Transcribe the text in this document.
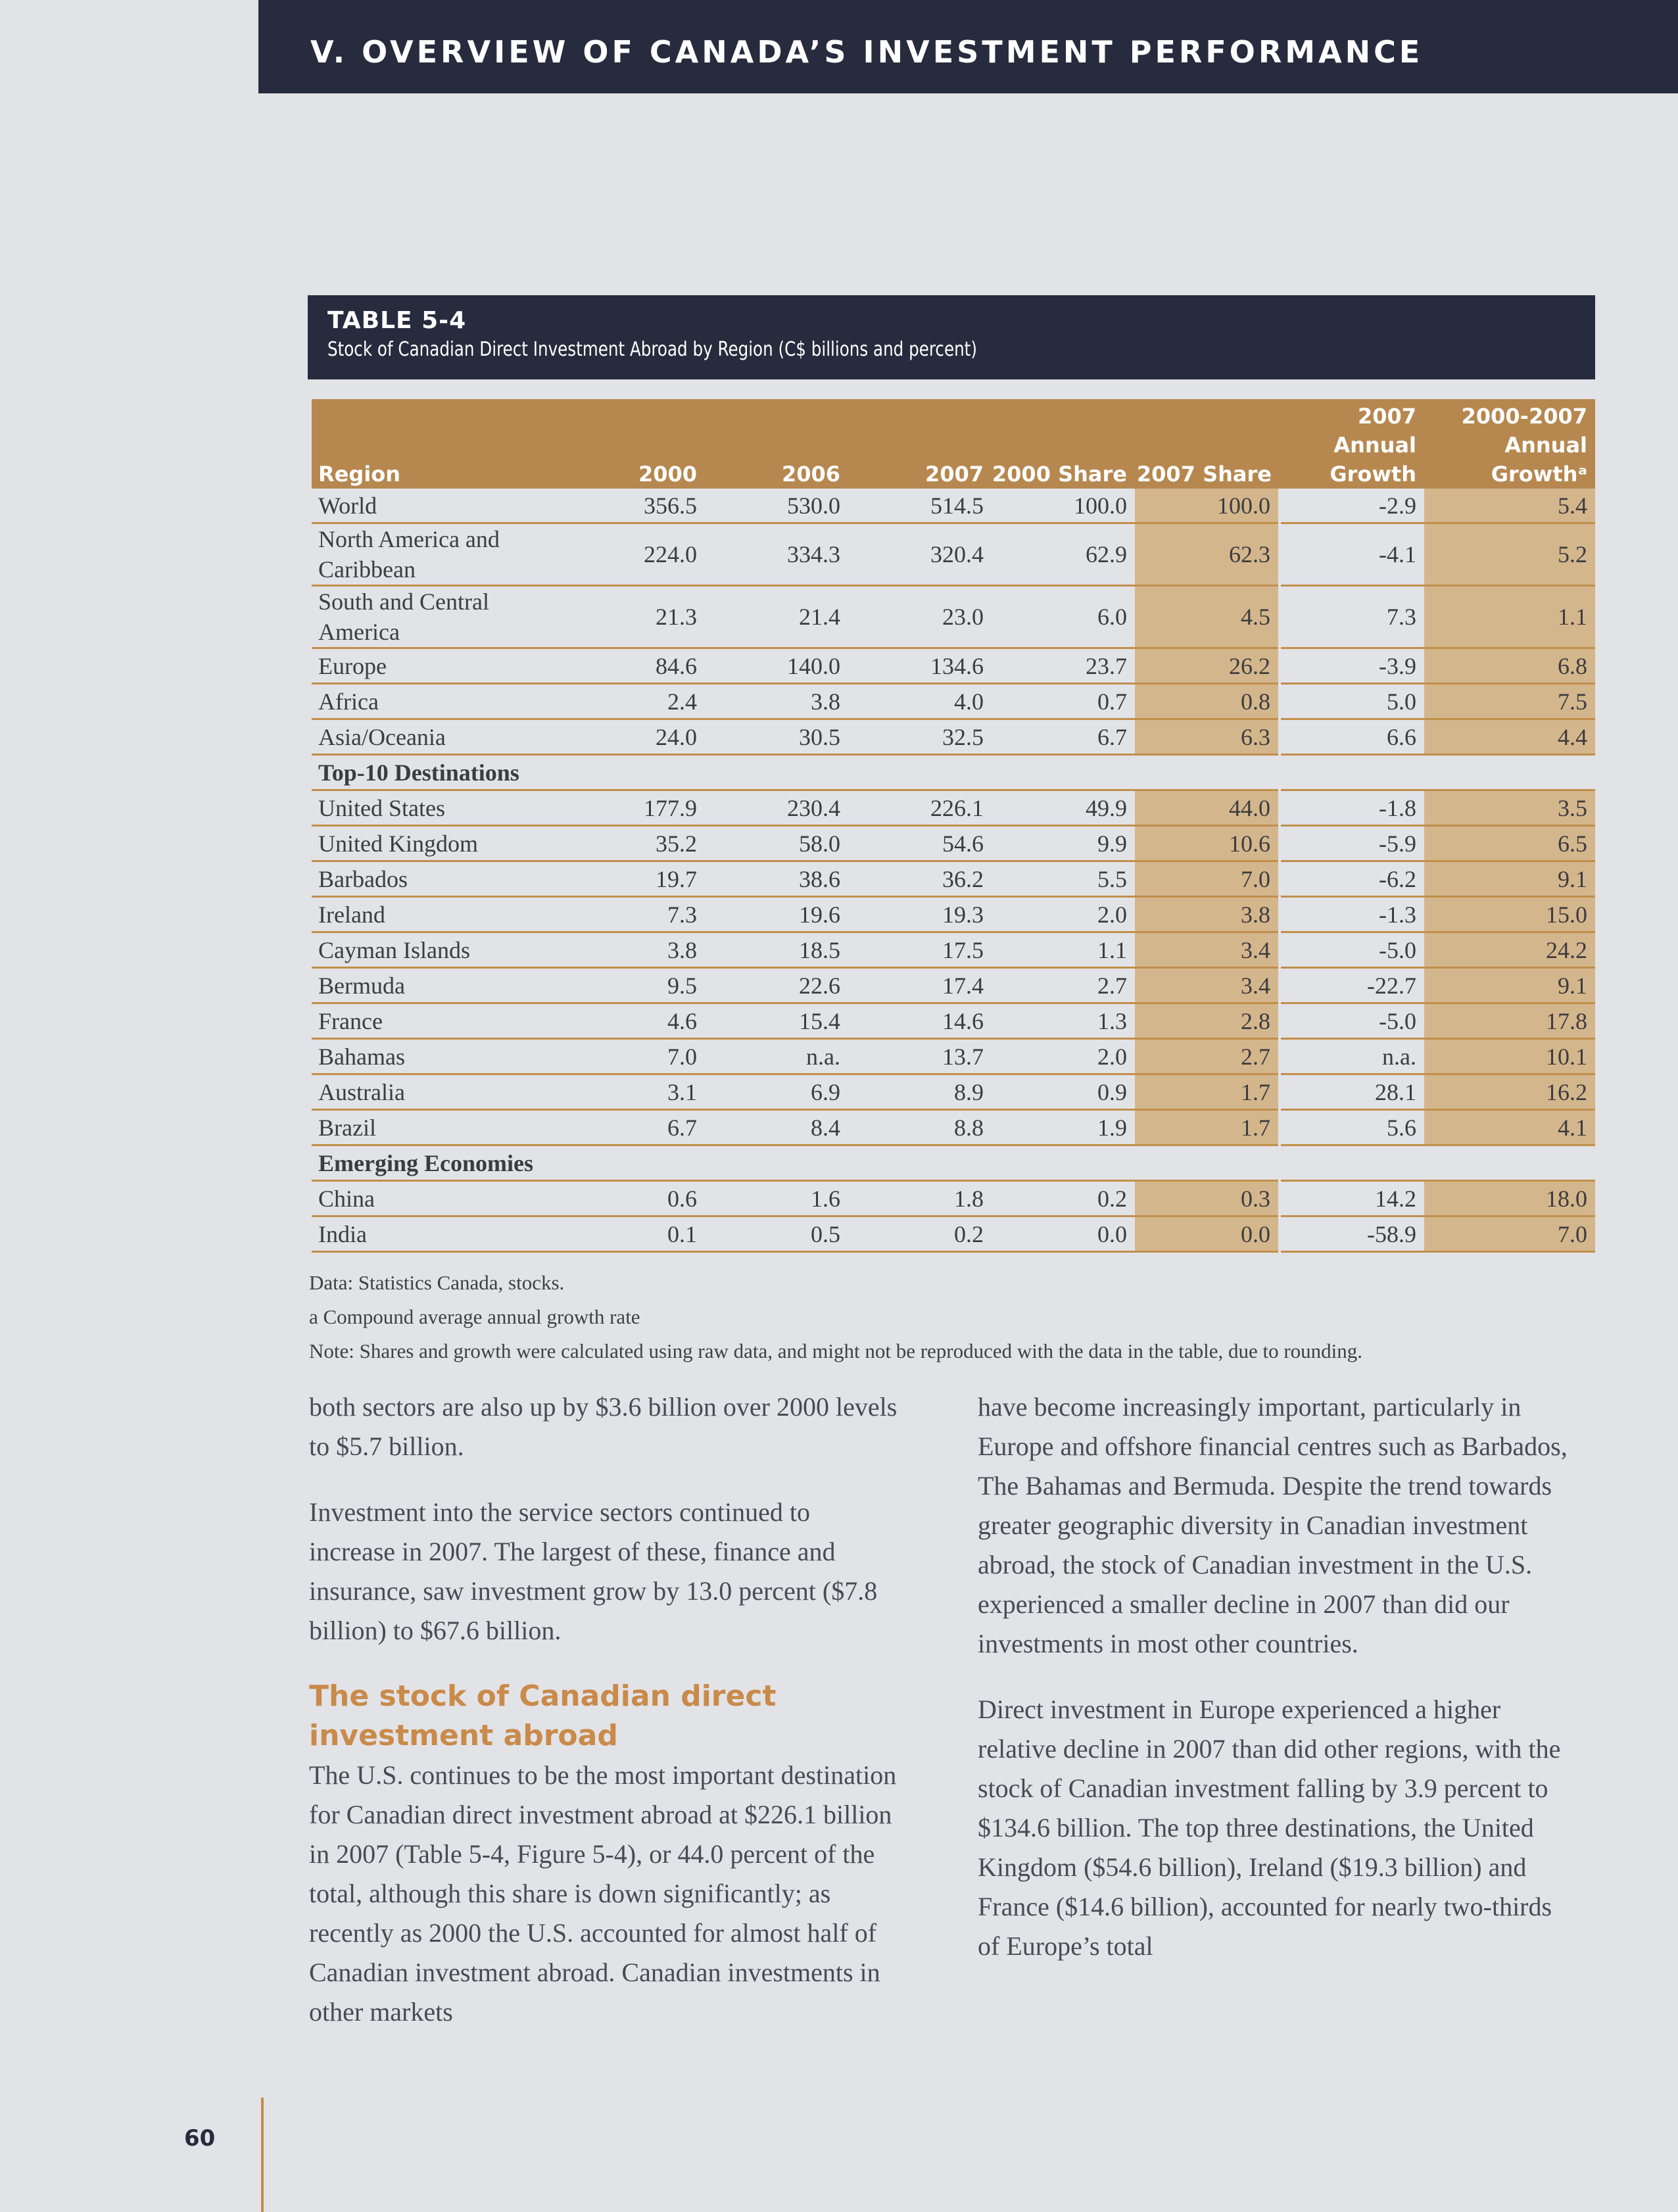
V. OVERVIEW OF CANADA’S INVESTMENT PERFORMANCE
TABLE 5-4
Stock of Canadian Direct Investment Abroad by Region (C$ billions and percent)
Region	2000	2006	2007	2000 Share	2007 Share	2007 Annual Growth	2000-2007 Annual Growthᵃ
World	356.5	530.0	514.5	100.0	100.0	-2.9	5.4
North America and Caribbean	224.0	334.3	320.4	62.9	62.3	-4.1	5.2
South and Central America	21.3	21.4	23.0	6.0	4.5	7.3	1.1
Europe	84.6	140.0	134.6	23.7	26.2	-3.9	6.8
Africa	2.4	3.8	4.0	0.7	0.8	5.0	7.5
Asia/Oceania	24.0	30.5	32.5	6.7	6.3	6.6	4.4
Top-10 Destinations							
United States	177.9	230.4	226.1	49.9	44.0	-1.8	3.5
United Kingdom	35.2	58.0	54.6	9.9	10.6	-5.9	6.5
Barbados	19.7	38.6	36.2	5.5	7.0	-6.2	9.1
Ireland	7.3	19.6	19.3	2.0	3.8	-1.3	15.0
Cayman Islands	3.8	18.5	17.5	1.1	3.4	-5.0	24.2
Bermuda	9.5	22.6	17.4	2.7	3.4	-22.7	9.1
France	4.6	15.4	14.6	1.3	2.8	-5.0	17.8
Bahamas	7.0	n.a.	13.7	2.0	2.7	n.a.	10.1
Australia	3.1	6.9	8.9	0.9	1.7	28.1	16.2
Brazil	6.7	8.4	8.8	1.9	1.7	5.6	4.1
Emerging Economies							
China	0.6	1.6	1.8	0.2	0.3	14.2	18.0
India	0.1	0.5	0.2	0.0	0.0	-58.9	7.0
Data: Statistics Canada, stocks.
a Compound average annual growth rate
Note: Shares and growth were calculated using raw data, and might not be reproduced with the data in the table, due to rounding.

both sectors are also up by $3.6 billion over 2000 levels to $5.7 billion.

Investment into the service sectors continued to increase in 2007. The largest of these, finance and insurance, saw investment grow by 13.0 percent ($7.8 billion) to $67.6 billion.

The stock of Canadian direct investment abroad

The U.S. continues to be the most important destination for Canadian direct investment abroad at $226.1 billion in 2007 (Table 5-4, Figure 5-4), or 44.0 percent of the total, although this share is down significantly; as recently as 2000 the U.S. accounted for almost half of Canadian investment abroad. Canadian investments in other markets

have become increasingly important, particularly in Europe and offshore financial centres such as Barbados, The Bahamas and Bermuda. Despite the trend towards greater geographic diversity in Canadian investment abroad, the stock of Canadian investment in the U.S. experienced a smaller decline in 2007 than did our investments in most other countries.

Direct investment in Europe experienced a higher relative decline in 2007 than did other regions, with the stock of Canadian investment falling by 3.9 percent to $134.6 billion. The top three destinations, the United Kingdom ($54.6 billion), Ireland ($19.3 billion) and France ($14.6 billion), accounted for nearly two-thirds of Europe’s total

60
